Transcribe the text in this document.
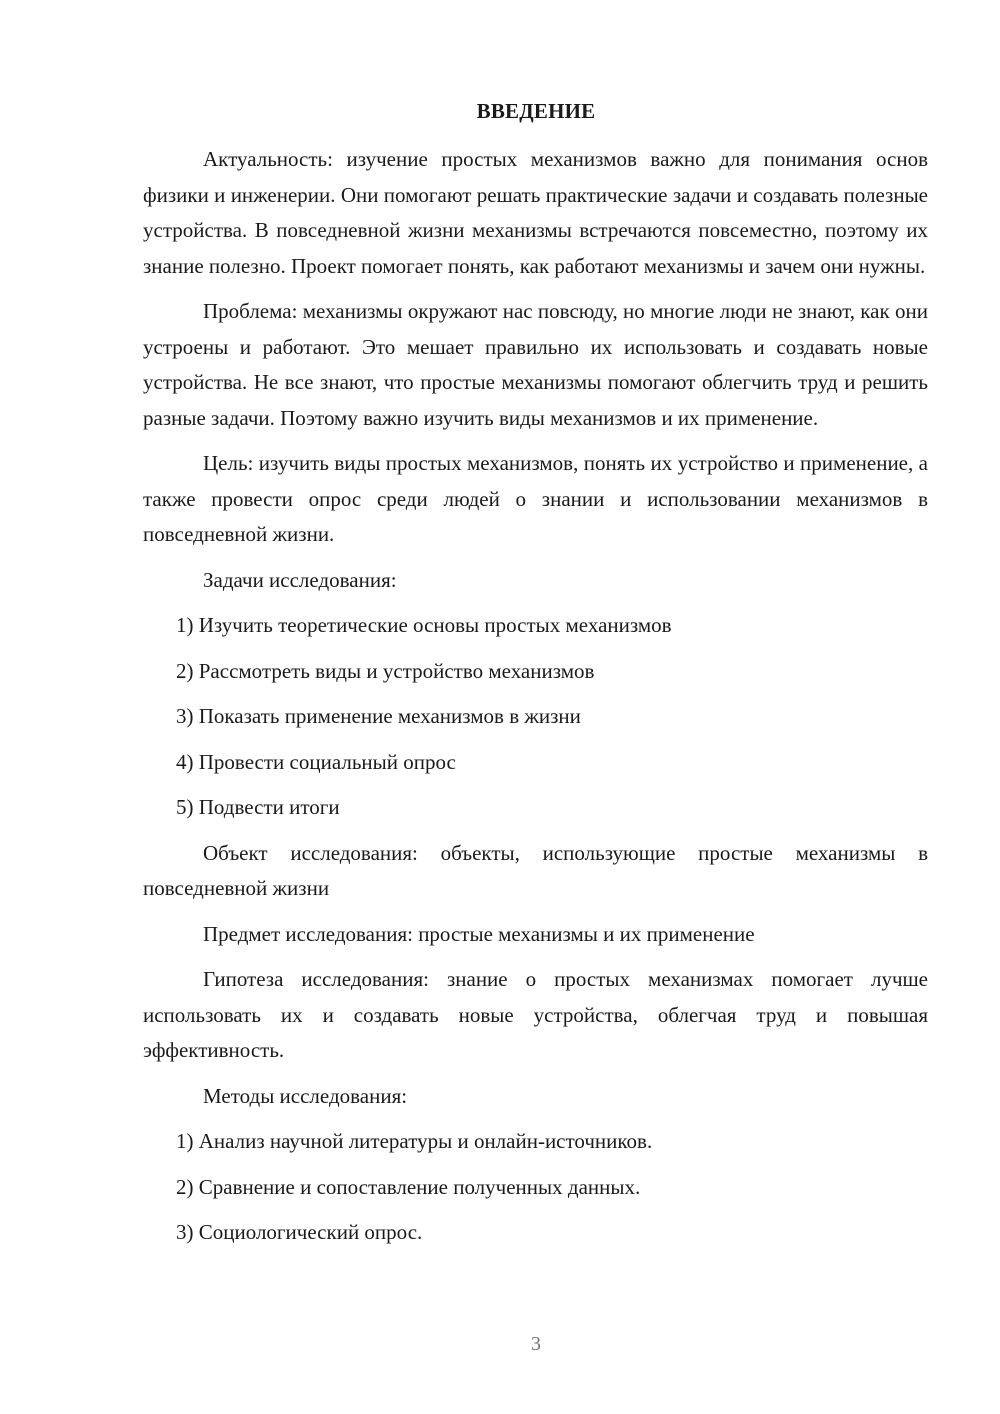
ВВЕДЕНИЕ

Актуальность: изучение простых механизмов важно для понимания основ физики и инженерии. Они помогают решать практические задачи и создавать полезные устройства. В повседневной жизни механизмы встречаются повсеместно, поэтому их знание полезно. Проект помогает понять, как работают механизмы и зачем они нужны.

Проблема: механизмы окружают нас повсюду, но многие люди не знают, как они устроены и работают. Это мешает правильно их использовать и создавать новые устройства. Не все знают, что простые механизмы помогают облегчить труд и решить разные задачи. Поэтому важно изучить виды механизмов и их применение.

Цель: изучить виды простых механизмов, понять их устройство и применение, а также провести опрос среди людей о знании и использовании механизмов в повседневной жизни.

Задачи исследования:

1) Изучить теоретические основы простых механизмов

2) Рассмотреть виды и устройство механизмов

3) Показать применение механизмов в жизни

4) Провести социальный опрос

5) Подвести итоги

Объект исследования: объекты, использующие простые механизмы в повседневной жизни

Предмет исследования: простые механизмы и их применение

Гипотеза исследования: знание о простых механизмах помогает лучше использовать их и создавать новые устройства, облегчая труд и повышая эффективность.

Методы исследования:

1) Анализ научной литературы и онлайн-источников.

2) Сравнение и сопоставление полученных данных.

3) Социологический опрос.

3
